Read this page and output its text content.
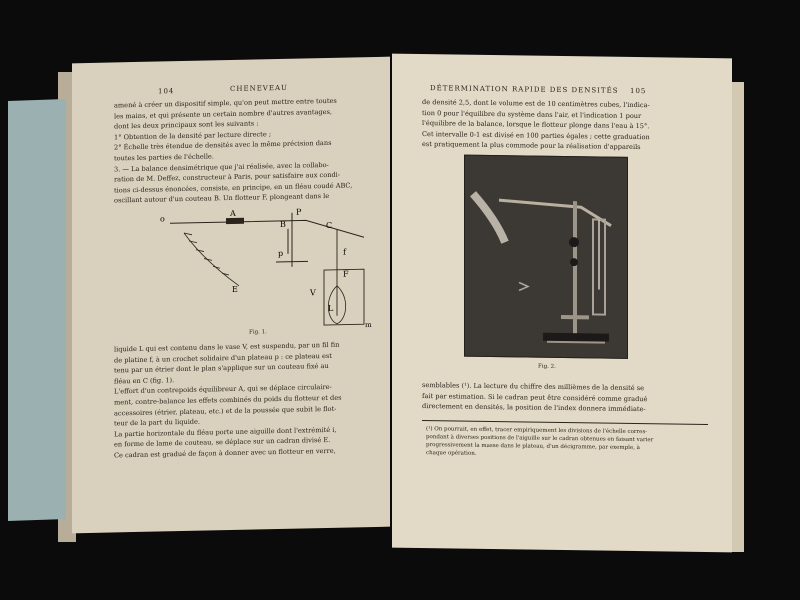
104	CHENEVEAU
amené à créer un dispositif simple, qu'on peut mettre entre toutes
les mains, et qui présente un certain nombre d'autres avantages,
dont les deux principaux sont les suivants :
1° Obtention de la densité par lecture directe ;
2° Échelle très étendue de densités avec la même précision dans
toutes les parties de l'échelle.
3. — La balance densimétrique que j'ai réalisée, avec la collabo-
ration de M. Deffez, constructeur à Paris, pour satisfaire aux condi-
tions ci-dessus énoncées, consiste, en principe, en un fléau coudé ABC,
oscillant autour d'un couteau B. Un flotteur F, plongeant dans le
o
A
B
P
C
p	f
F
V
L
E
m
Fig. 1.
liquide L qui est contenu dans le vase V, est suspendu, par un fil fin
de platine f, à un crochet solidaire d'un plateau p : ce plateau est
tenu par un étrier dont le plan s'applique sur un couteau fixé au
fléau en C (fig. 1).
L'effort d'un contrepoids équilibreur A, qui se déplace circulaire-
ment, contre-balance les effets combinés du poids du flotteur et des
accessoires (étrier, plateau, etc.) et de la poussée que subit le flot-
teur de la part du liquide.
La partie horizontale du fléau porte une aiguille dont l'extrémité i,
en forme de lame de couteau, se déplace sur un cadran divisé E.
Ce cadran est gradué de façon à donner avec un flotteur en verre,
DÉTERMINATION RAPIDE DES DENSITÉS 105
de densité 2,5, dont le volume est de 10 centimètres cubes, l'indica-
tion 0 pour l'équilibre du système dans l'air, et l'indication 1 pour
l'équilibre de la balance, lorsque le flotteur plonge dans l'eau à 15°.
Cet intervalle 0-1 est divisé en 100 parties égales ; cette graduation
est pratiquement la plus commode pour la réalisation d'appareils
Fig. 2.
semblables (¹). La lecture du chiffre des millièmes de la densité se
fait par estimation. Si le cadran peut être considéré comme gradué
directement en densités, la position de l'index donnera immédiate-
(¹) On pourrait, en effet, tracer empiriquement les divisions de l'échelle corres-
pondant à diverses positions de l'aiguille sur le cadran obtenues en faisant varier
progressivement la masse dans le plateau, d'un décigramme, par exemple, à
chaque opération.
